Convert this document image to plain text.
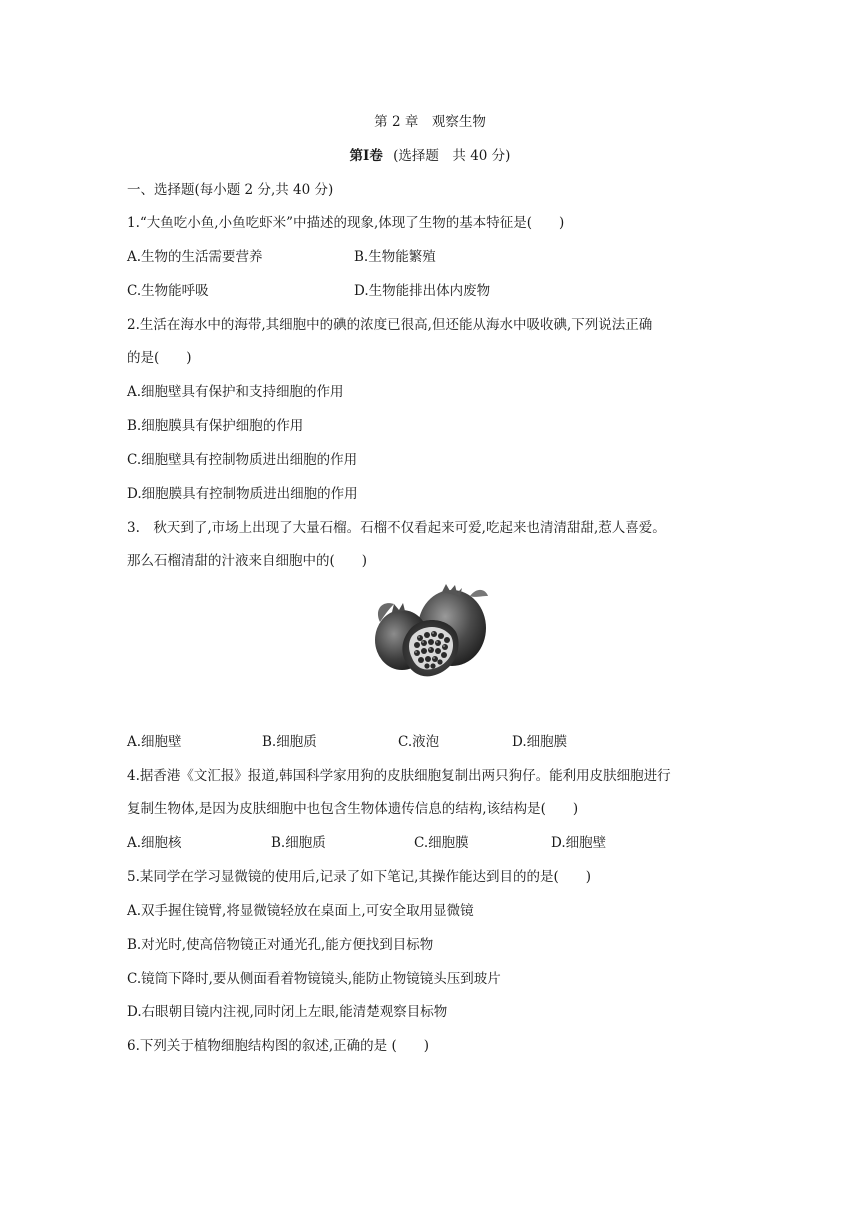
第 2 章　观察生物
第Ⅰ卷 (选择题　共 40 分)
一、选择题(每小题 2 分,共 40 分)
1.“大鱼吃小鱼,小鱼吃虾米”中描述的现象,体现了生物的基本特征是(　　)
A.生物的生活需要营养	B.生物能繁殖
C.生物能呼吸	D.生物能排出体内废物
2.生活在海水中的海带,其细胞中的碘的浓度已很高,但还能从海水中吸收碘,下列说法正确
的是(　　)
A.细胞壁具有保护和支持细胞的作用
B.细胞膜具有保护细胞的作用
C.细胞壁具有控制物质进出细胞的作用
D.细胞膜具有控制物质进出细胞的作用
3.　秋天到了,市场上出现了大量石榴。石榴不仅看起来可爱,吃起来也清清甜甜,惹人喜爱。
那么石榴清甜的汁液来自细胞中的(　　)
A.细胞壁	B.细胞质	C.液泡	D.细胞膜
4.据香港《文汇报》报道,韩国科学家用狗的皮肤细胞复制出两只狗仔。能利用皮肤细胞进行
复制生物体,是因为皮肤细胞中也包含生物体遗传信息的结构,该结构是(　　)
A.细胞核	B.细胞质	C.细胞膜	D.细胞壁
5.某同学在学习显微镜的使用后,记录了如下笔记,其操作能达到目的的是(　　)
A.双手握住镜臂,将显微镜轻放在桌面上,可安全取用显微镜
B.对光时,使高倍物镜正对通光孔,能方便找到目标物
C.镜筒下降时,要从侧面看着物镜镜头,能防止物镜镜头压到玻片
D.右眼朝目镜内注视,同时闭上左眼,能清楚观察目标物
6.下列关于植物细胞结构图的叙述,正确的是 (　　)
